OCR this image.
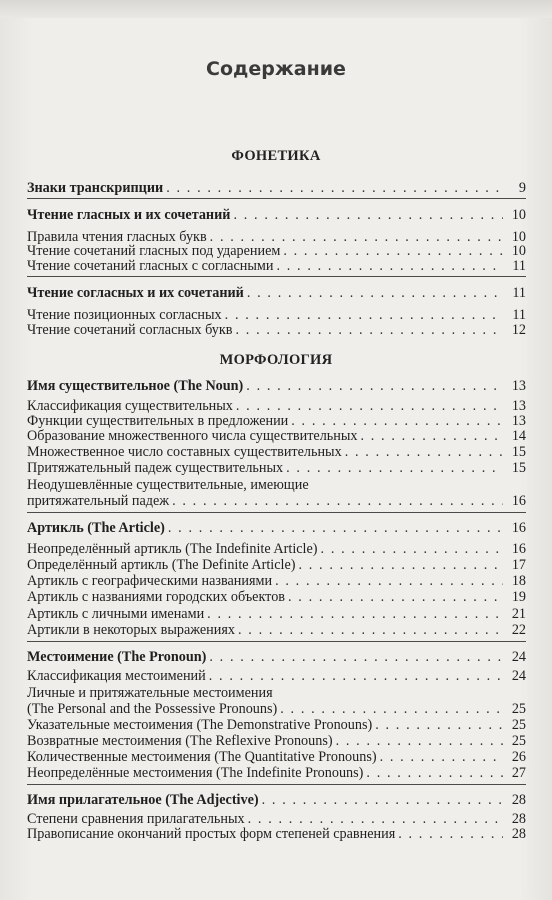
Содержание
ФОНЕТИКА
Знаки транскрипции . . .	9
Чтение гласных и их сочетаний . . .	10
Правила чтения гласных букв . . .	10
Чтение сочетаний гласных под ударением . . .	10
Чтение сочетаний гласных с согласными . . .	11
Чтение согласных и их сочетаний . . .	11
Чтение позиционных согласных . . .	11
Чтение сочетаний согласных букв . . .	12
МОРФОЛОГИЯ
Имя существительное (The Noun) . . .	13
Классификация существительных . . .	13
Функции существительных в предложении . . .	13
Образование множественного числа существительных . . .	14
Множественное число составных существительных . . .	15
Притяжательный падеж существительных . . .	15
Неодушевлённые существительные, имеющие
притяжательный падеж . . .	16
Артикль (The Article) . . .	16
Неопределённый артикль (The Indefinite Article) . . .	16
Определённый артикль (The Definite Article) . . .	17
Артикль с географическими названиями . . .	18
Артикль с названиями городских объектов . . .	19
Артикль с личными именами . . .	21
Артикли в некоторых выражениях . . .	22
Местоимение (The Pronoun) . . .	24
Классификация местоимений . . .	24
Личные и притяжательные местоимения
(The Personal and the Possessive Pronouns) . . .	25
Указательные местоимения (The Demonstrative Pronouns) . . .	25
Возвратные местоимения (The Reflexive Pronouns) . . .	25
Количественные местоимения (The Quantitative Pronouns) . . .	26
Неопределённые местоимения (The Indefinite Pronouns) . . .	27
Имя прилагательное (The Adjective) . . .	28
Степени сравнения прилагательных . . .	28
Правописание окончаний простых форм степеней сравнения . . .	28
